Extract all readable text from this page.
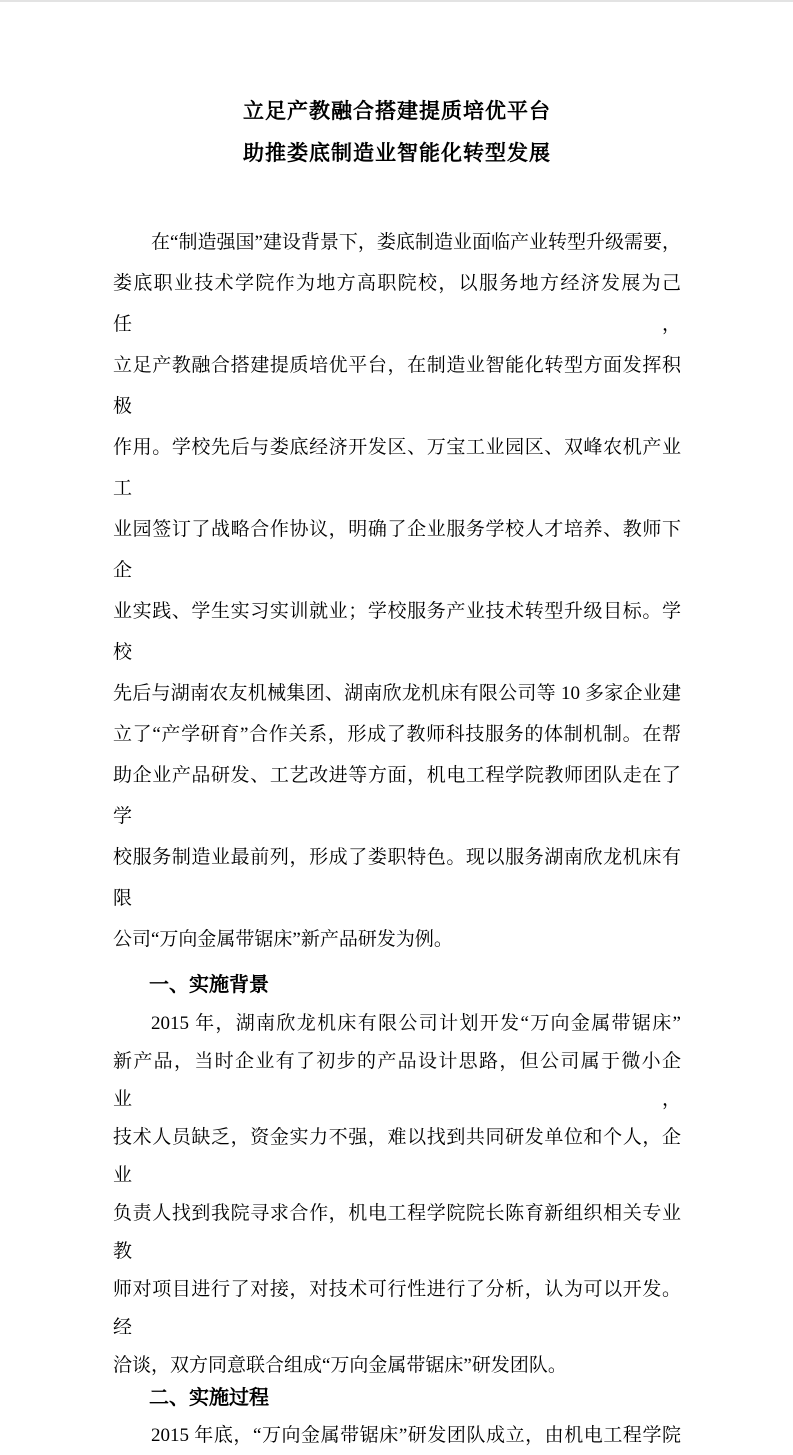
立足产教融合搭建提质培优平台
助推娄底制造业智能化转型发展
在“制造强国”建设背景下，娄底制造业面临产业转型升级需要，
娄底职业技术学院作为地方高职院校，以服务地方经济发展为己任，
立足产教融合搭建提质培优平台，在制造业智能化转型方面发挥积极
作用。学校先后与娄底经济开发区、万宝工业园区、双峰农机产业工
业园签订了战略合作协议，明确了企业服务学校人才培养、教师下企
业实践、学生实习实训就业；学校服务产业技术转型升级目标。学校
先后与湖南农友机械集团、湖南欣龙机床有限公司等 10 多家企业建
立了“产学研育”合作关系，形成了教师科技服务的体制机制。在帮
助企业产品研发、工艺改进等方面，机电工程学院教师团队走在了学
校服务制造业最前列，形成了娄职特色。现以服务湖南欣龙机床有限
公司“万向金属带锯床”新产品研发为例。
一、实施背景
2015 年，湖南欣龙机床有限公司计划开发“万向金属带锯床”
新产品，当时企业有了初步的产品设计思路，但公司属于微小企业，
技术人员缺乏，资金实力不强，难以找到共同研发单位和个人，企业
负责人找到我院寻求合作，机电工程学院院长陈育新组织相关专业教
师对项目进行了对接，对技术可行性进行了分析，认为可以开发。经
洽谈，双方同意联合组成“万向金属带锯床”研发团队。
二、实施过程
2015 年底，“万向金属带锯床”研发团队成立，由机电工程学院
